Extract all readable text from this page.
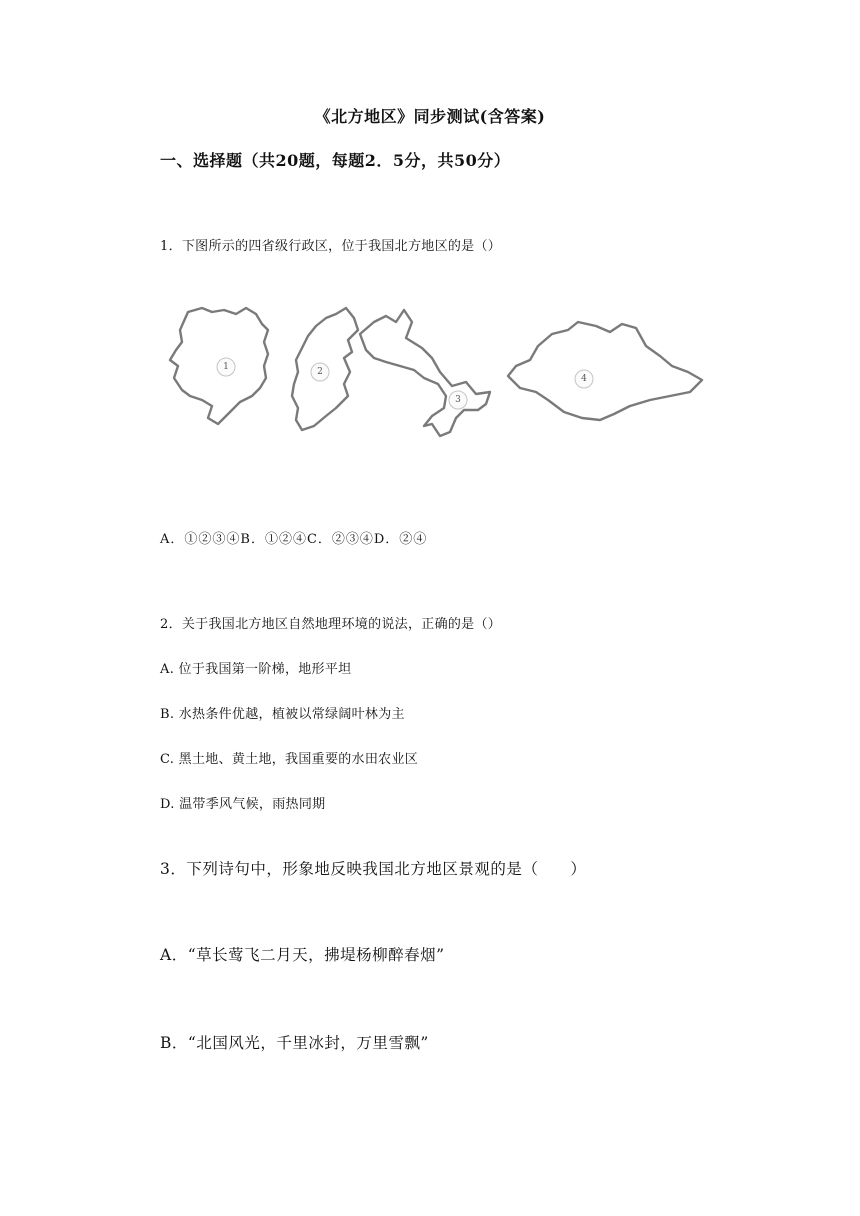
《北方地区》同步测试(含答案)
一、选择题（共20题，每题2．5分，共50分）
1．下图所示的四省级行政区，位于我国北方地区的是（）
1	2
3
4
A．①②③④B．①②④C．②③④D．②④
2．关于我国北方地区自然地理环境的说法，正确的是（）
A. 位于我国第一阶梯，地形平坦
B. 水热条件优越，植被以常绿阔叶林为主
C. 黑土地、黄土地，我国重要的水田农业区
D. 温带季风气候，雨热同期
3．下列诗句中，形象地反映我国北方地区景观的是（　　）
A．“草长莺飞二月天，拂堤杨柳醉春烟”
B．“北国风光，千里冰封，万里雪飘”
